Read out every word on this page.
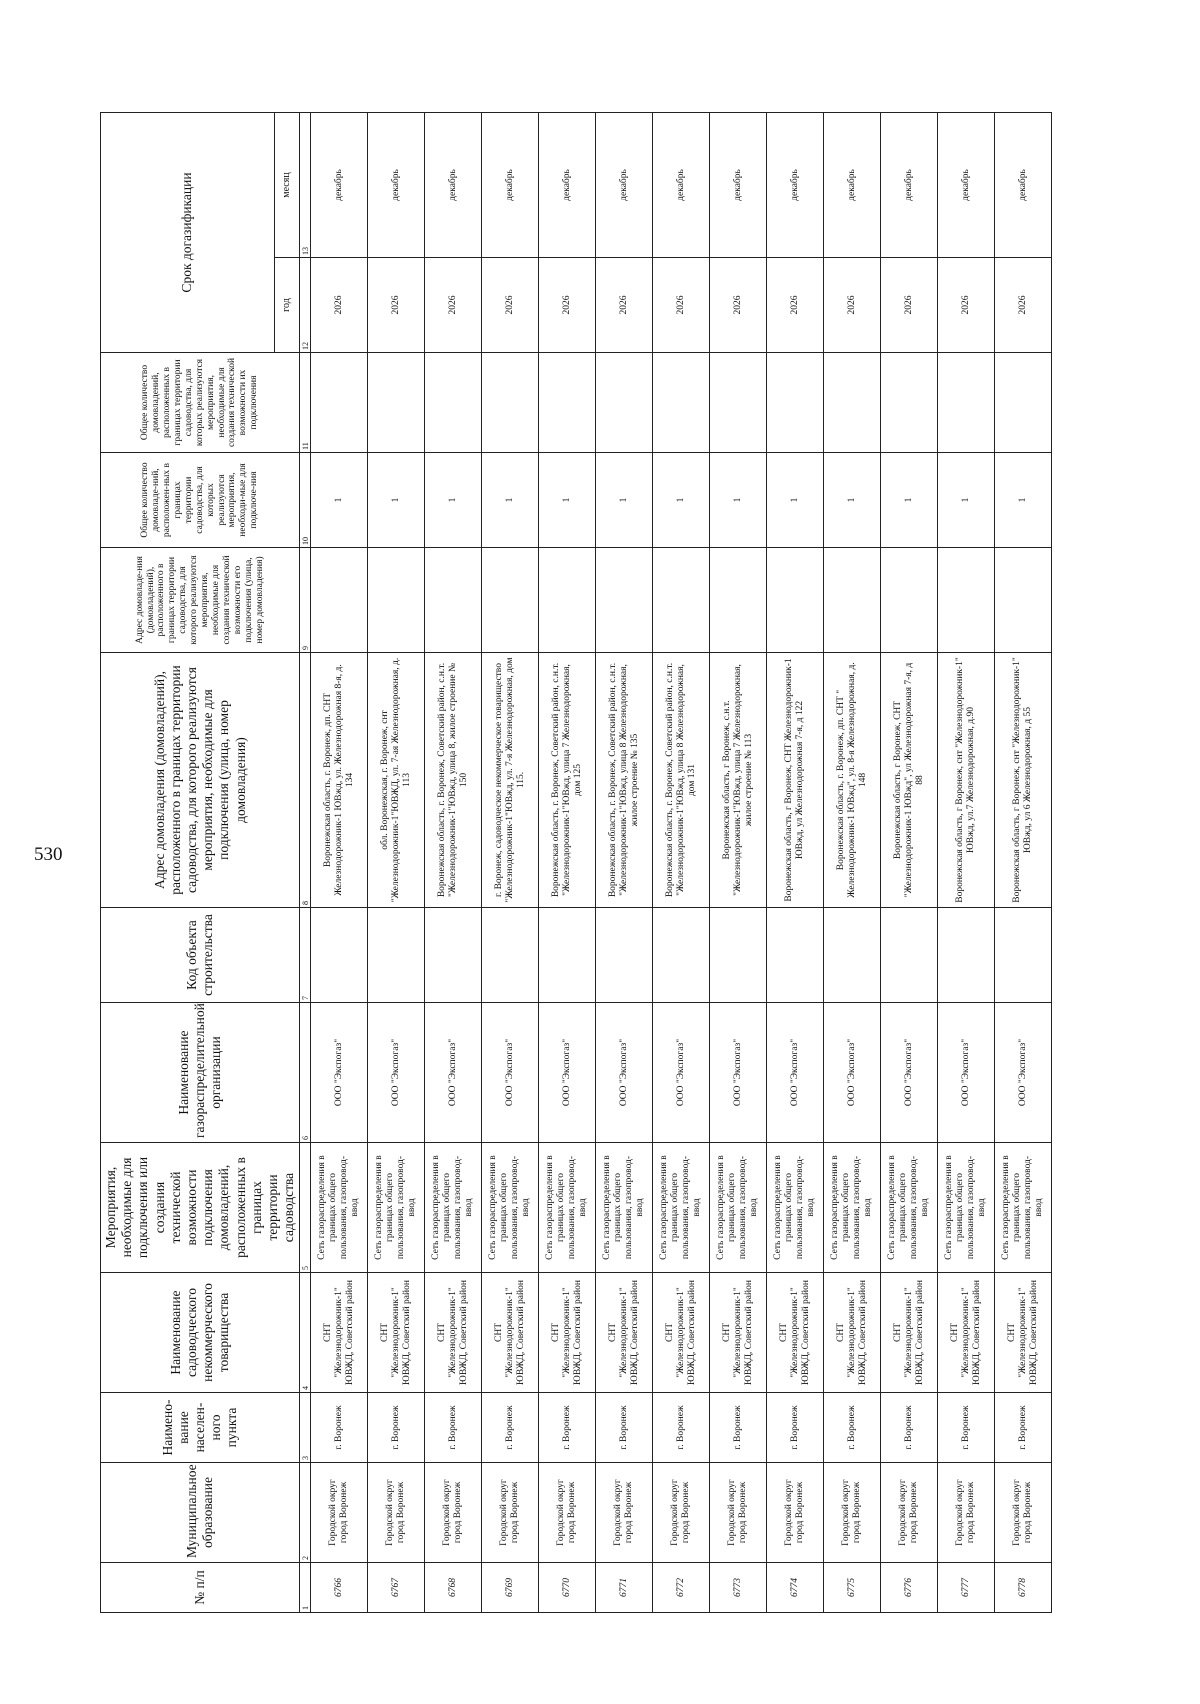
530
№ п/п	Муниципальное образование	Наимено-вание населен-ного пункта	Наименование садоводческого некоммерческого товарищества	Мероприятия, необходимые для подключения или создания технической возможности подключения домовладений, расположенных в границах территории садоводства	Наименование газораспределительной организации	Код объекта строительства	Адрес домовладения (домовладений), расположенного в границах территории садоводства, для которого реализуются мероприятия, необходимые для подключения (улица, номер домовладения)	Адрес домовладе-ния (домовладений), расположенного в границах территории садоводства, для которого реализуются мероприятия, необходимые для создания технической возможности его подключения (улица, номер домовладения)	Общее количество домовладе-ний, расположен-ных в границах территории садоводства, для которых реализуются мероприятия, необходи-мые для подключе-ния	Общее количество домовладений, расположенных в границах территории садоводства, для которых реализуются мероприятия, необходимые для создания технической возможности их подключения	Срок догазификации	
											год	месяц
1	2	3	4	5	6	7	8	9	10	11	12	13
6766	Городской округ город Воронеж	г. Воронеж	СНТ "Железнодорожник-1" ЮВЖД, Советский район	Сеть газораспределения в границах общего пользования, газопровод-ввод	ООО "Экспогаз"		Воронежская область, г. Воронеж, дп. СНТ Железнодорожник-1 ЮВжд, ул. Железнодорожная 8-я, д. 134		1		2026	декабрь
6767	Городской округ город Воронеж	г. Воронеж	СНТ "Железнодорожник-1" ЮВЖД, Советский район	Сеть газораспределения в границах общего пользования, газопровод-ввод	ООО "Экспогаз"		обл. Воронежская, г. Воронеж, снт "Железнодорожник-1"ЮВЖД, ул. 7-ая Железнодорожная, д. 113		1		2026	декабрь
6768	Городской округ город Воронеж	г. Воронеж	СНТ "Железнодорожник-1" ЮВЖД, Советский район	Сеть газораспределения в границах общего пользования, газопровод-ввод	ООО "Экспогаз"		Воронежская область, г. Воронеж, Советский район, с.н.т. "Железнодорожник-1"ЮВжд, улица 8, жилое строение № 150		1		2026	декабрь
6769	Городской округ город Воронеж	г. Воронеж	СНТ "Железнодорожник-1" ЮВЖД, Советский район	Сеть газораспределения в границах общего пользования, газопровод-ввод	ООО "Экспогаз"		г. Воронеж, садоводческое некоммерческое товарищество "Железнодорожник-1"ЮВжд, ул. 7-я Железнодорожная, дом 115.		1		2026	декабрь
6770	Городской округ город Воронеж	г. Воронеж	СНТ "Железнодорожник-1" ЮВЖД, Советский район	Сеть газораспределения в границах общего пользования, газопровод-ввод	ООО "Экспогаз"		Воронежская область, г. Воронеж, Советский район, с.н.т. "Железнодорожник-1"ЮВжд, улица 7 Железнодорожная, дом 125		1		2026	декабрь
6771	Городской округ город Воронеж	г. Воронеж	СНТ "Железнодорожник-1" ЮВЖД, Советский район	Сеть газораспределения в границах общего пользования, газопровод-ввод	ООО "Экспогаз"		Воронежская область, г. Воронеж, Советский район, с.н.т. "Железнодорожник-1"ЮВжд, улица 8 Железнодорожная, жилое строение № 135		1		2026	декабрь
6772	Городской округ город Воронеж	г. Воронеж	СНТ "Железнодорожник-1" ЮВЖД, Советский район	Сеть газораспределения в границах общего пользования, газопровод-ввод	ООО "Экспогаз"		Воронежская область, г. Воронеж, Советский район, с.н.т. "Железнодорожник-1"ЮВжд, улица 8 Железнодорожная, дом 131		1		2026	декабрь
6773	Городской округ город Воронеж	г. Воронеж	СНТ "Железнодорожник-1" ЮВЖД, Советский район	Сеть газораспределения в границах общего пользования, газопровод-ввод	ООО "Экспогаз"		Воронежская область, г Воронеж, с.н.т. "Железнодорожник-1"ЮВжд, улица 7 Железнодорожная, жилое строение № 113		1		2026	декабрь
6774	Городской округ город Воронеж	г. Воронеж	СНТ "Железнодорожник-1" ЮВЖД, Советский район	Сеть газораспределения в границах общего пользования, газопровод-ввод	ООО "Экспогаз"		Воронежская область, г Воронеж, СНТ Железнодорожник-1 ЮВжд, ул Железнодорожная 7-я, д 122		1		2026	декабрь
6775	Городской округ город Воронеж	г. Воронеж	СНТ "Железнодорожник-1" ЮВЖД, Советский район	Сеть газораспределения в границах общего пользования, газопровод-ввод	ООО "Экспогаз"		Воронежская область, г. Воронеж, дп. СНТ " Железнодорожник-1 ЮВжд", ул. 8-я Железнодорожная, д. 148		1		2026	декабрь
6776	Городской округ город Воронеж	г. Воронеж	СНТ "Железнодорожник-1" ЮВЖД, Советский район	Сеть газораспределения в границах общего пользования, газопровод-ввод	ООО "Экспогаз"		Воронежская область, г Воронеж, СНТ "Железнодорожник-1 ЮВжд", ул Железнодорожная 7-я, д 88		1		2026	декабрь
6777	Городской округ город Воронеж	г. Воронеж	СНТ "Железнодорожник-1" ЮВЖД, Советский район	Сеть газораспределения в границах общего пользования, газопровод-ввод	ООО "Экспогаз"		Воронежская область, г Воронеж, снт "Железнодорожник-1" ЮВжд, ул.7 Железнодорожная, д.90		1		2026	декабрь
6778	Городской округ город Воронеж	г. Воронеж	СНТ "Железнодорожник-1" ЮВЖД, Советский район	Сеть газораспределения в границах общего пользования, газопровод-ввод	ООО "Экспогаз"		Воронежская область, г Воронеж, снт "Железнодорожник-1" ЮВжд, ул 6 Железнодорожная, д 55		1		2026	декабрь
